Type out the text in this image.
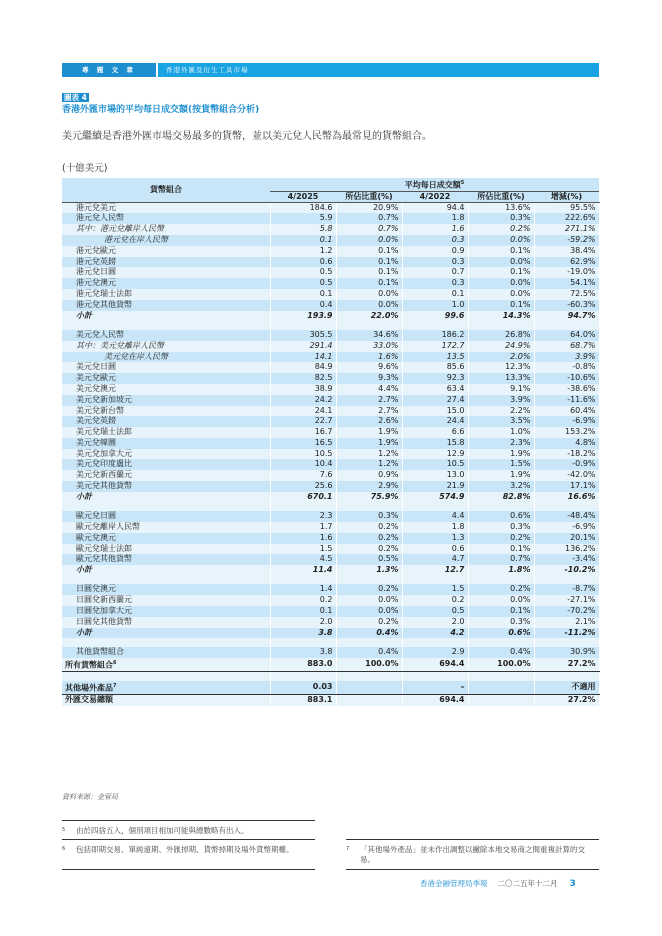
專 題 文 章	香港外匯及衍生工具市場
圖表 4
香港外匯市場的平均每日成交額(按貨幣組合分析)
美元繼續是香港外匯市場交易最多的貨幣，並以美元兌人民幣為最常見的貨幣組合。
(十億美元)
貨幣組合	平均每日成交額$^5$
	4/2025	所佔比重(%)	4/2022	所佔比重(%)	增減(%)
港元兌美元	184.6	20.9%	94.4	13.6%	95.5%
港元兌人民幣	5.9	0.7%	1.8	0.3%	222.6%
其中：港元兌離岸人民幣	5.8	0.7%	1.6	0.2%	271.1%
港元兌在岸人民幣	0.1	0.0%	0.3	0.0%	-59.2%
港元兌歐元	1.2	0.1%	0.9	0.1%	38.4%
港元兌英鎊	0.6	0.1%	0.3	0.0%	62.9%
港元兌日圓	0.5	0.1%	0.7	0.1%	-19.0%
港元兌澳元	0.5	0.1%	0.3	0.0%	54.1%
港元兌瑞士法郎	0.1	0.0%	0.1	0.0%	72.5%
港元兌其他貨幣	0.4	0.0%	1.0	0.1%	-60.3%
小計	193.9	22.0%	99.6	14.3%	94.7%

美元兌人民幣	305.5	34.6%	186.2	26.8%	64.0%
其中：美元兌離岸人民幣	291.4	33.0%	172.7	24.9%	68.7%
美元兌在岸人民幣	14.1	1.6%	13.5	2.0%	3.9%
美元兌日圓	84.9	9.6%	85.6	12.3%	-0.8%
美元兌歐元	82.5	9.3%	92.3	13.3%	-10.6%
美元兌澳元	38.9	4.4%	63.4	9.1%	-38.6%
美元兌新加坡元	24.2	2.7%	27.4	3.9%	-11.6%
美元兌新台幣	24.1	2.7%	15.0	2.2%	60.4%
美元兌英鎊	22.7	2.6%	24.4	3.5%	-6.9%
美元兌瑞士法郎	16.7	1.9%	6.6	1.0%	153.2%
美元兌韓圜	16.5	1.9%	15.8	2.3%	4.8%
美元兌加拿大元	10.5	1.2%	12.9	1.9%	-18.2%
美元兌印度盧比	10.4	1.2%	10.5	1.5%	-0.9%
美元兌新西蘭元	7.6	0.9%	13.0	1.9%	-42.0%
美元兌其他貨幣	25.6	2.9%	21.9	3.2%	17.1%
小計	670.1	75.9%	574.9	82.8%	16.6%

歐元兌日圓	2.3	0.3%	4.4	0.6%	-48.4%
歐元兌離岸人民幣	1.7	0.2%	1.8	0.3%	-6.9%
歐元兌澳元	1.6	0.2%	1.3	0.2%	20.1%
歐元兌瑞士法郎	1.5	0.2%	0.6	0.1%	136.2%
歐元兌其他貨幣	4.5	0.5%	4.7	0.7%	-3.4%
小計	11.4	1.3%	12.7	1.8%	-10.2%

日圓兌澳元	1.4	0.2%	1.5	0.2%	-8.7%
日圓兌新西蘭元	0.2	0.0%	0.2	0.0%	-27.1%
日圓兌加拿大元	0.1	0.0%	0.5	0.1%	-70.2%
日圓兌其他貨幣	2.0	0.2%	2.0	0.3%	2.1%
小計	3.8	0.4%	4.2	0.6%	-11.2%

其他貨幣組合	3.8	0.4%	2.9	0.4%	30.9%
所有貨幣組合$^6$	883.0	100.0%	694.4	100.0%	27.2%

其他場外產品$^7$	0.03		–		不適用
外匯交易總額	883.1		694.4		27.2%
資料來源：金管局
5	由於四捨五入，個別項目相加可能與總數略有出入。
6	包括即期交易、單純遠期、外匯掉期、貨幣掉期及場外貨幣期權。	7	「其他場外產品」並未作出調整以撇除本地交易商之間重複計算的交易。
香港金融管理局季報 二〇二五年十二月 3
